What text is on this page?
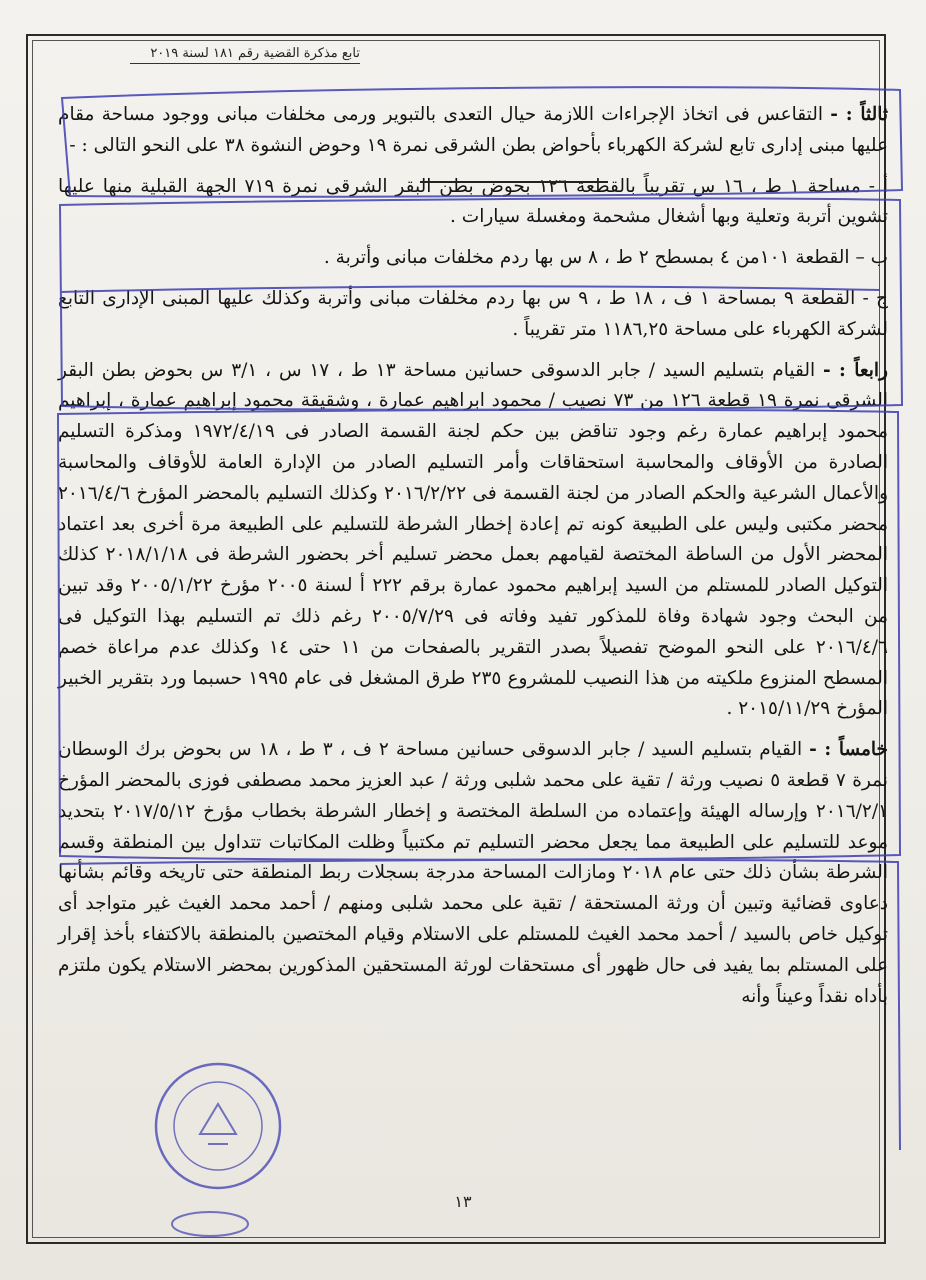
تابع مذكرة القضية رقم ١٨١ لسنة ٢٠١٩

ثالثاً : - التقاعس فى اتخاذ الإجراءات اللازمة حيال التعدى بالتبوير ورمى مخلفات مبانى ووجود مساحة مقام عليها مبنى إدارى تابع لشركة الكهرباء بأحواض بطن الشرقى نمرة ١٩ وحوض النشوة ٣٨ على النحو التالى : -

أ - مساحة ١ ط ، ١٦ س تقريباً بالقطعة ١٢٦ بحوض بطن البقر الشرقى نمرة ٧١٩ الجهة القبلية منها عليها تشوين أتربة وتعلية وبها أشغال مشحمة ومغسلة سيارات .

ب – القطعة ١٠١من ٤ بمسطح ٢ ط ، ٨ س بها ردم مخلفات مبانى وأتربة .

ج - القطعة ٩ بمساحة ١ ف ، ١٨ ط ، ٩ س بها ردم مخلفات مبانى وأتربة وكذلك عليها المبنى الإدارى التابع لشركة الكهرباء على مساحة ١١٨٦,٢٥ متر تقريباً .

رابعاً : - القيام بتسليم السيد / جابر الدسوقى حسانين مساحة ١٣ ط ، ١٧ س ، ٣/١ س بحوض بطن البقر الشرقى نمرة ١٩ قطعة ١٢٦ من ٧٣ نصيب / محمود ابراهيم عمارة ، وشقيقة محمود إبراهيم عمارة ، إبراهيم محمود إبراهيم عمارة رغم وجود تناقض بين حكم لجنة القسمة الصادر فى ١٩٧٢/٤/١٩ ومذكرة التسليم الصادرة من الأوقاف والمحاسبة استحقاقات وأمر التسليم الصادر من الإدارة العامة للأوقاف والمحاسبة والأعمال الشرعية والحكم الصادر من لجنة القسمة فى ٢٠١٦/٢/٢٢ وكذلك التسليم بالمحضر المؤرخ ٢٠١٦/٤/٦ محضر مكتبى وليس على الطبيعة كونه تم إعادة إخطار الشرطة للتسليم على الطبيعة مرة أخرى بعد اعتماد المحضر الأول من الساطة المختصة لقيامهم بعمل محضر تسليم أخر بحضور الشرطة فى ٢٠١٨/١/١٨ كذلك التوكيل الصادر للمستلم من السيد إبراهيم محمود عمارة برقم ٢٢٢ أ لسنة ٢٠٠٥ مؤرخ ٢٠٠٥/١/٢٢ وقد تبين من البحث وجود شهادة وفاة للمذكور تفيد وفاته فى ٢٠٠٥/٧/٢٩ رغم ذلك تم التسليم بهذا التوكيل فى ٢٠١٦/٤/٦ على النحو الموضح تفصيلاً بصدر التقرير بالصفحات من ١١ حتى ١٤ وكذلك عدم مراعاة خصم المسطح المنزوع ملكيته من هذا النصيب للمشروع ٢٣٥ طرق المشغل فى عام ١٩٩٥ حسبما ورد بتقرير الخبير المؤرخ ٢٠١٥/١١/٢٩ .

خامساً : - القيام بتسليم السيد / جابر الدسوقى حسانين مساحة ٢ ف ، ٣ ط ، ١٨ س بحوض برك الوسطان نمرة ٧ قطعة ٥ نصيب ورثة / تقية على محمد شلبى ورثة / عبد العزيز محمد مصطفى فوزى بالمحضر المؤرخ ٢٠١٦/٢/١ وإرساله الهيئة وإعتماده من السلطة المختصة و إخطار الشرطة بخطاب مؤرخ ٢٠١٧/٥/١٢ بتحديد موعد للتسليم على الطبيعة مما يجعل محضر التسليم تم مكتبياً وظلت المكاتبات تتداول بين المنطقة وقسم الشرطة بشأن ذلك حتى عام ٢٠١٨ ومازالت المساحة مدرجة بسجلات ربط المنطقة حتى تاريخه وقائم بشأنها دعاوى قضائية وتبين أن ورثة المستحقة / تقية على محمد شلبى ومنهم / أحمد محمد الغيث غير متواجد أى توكيل خاص بالسيد / أحمد محمد الغيث للمستلم على الاستلام وقيام المختصين بالمنطقة بالاكتفاء بأخذ إقرار على المستلم بما يفيد فى حال ظهور أى مستحقات لورثة المستحقين المذكورين بمحضر الاستلام يكون ملتزم بأداه نقداً وعيناً وأنه

١٣
